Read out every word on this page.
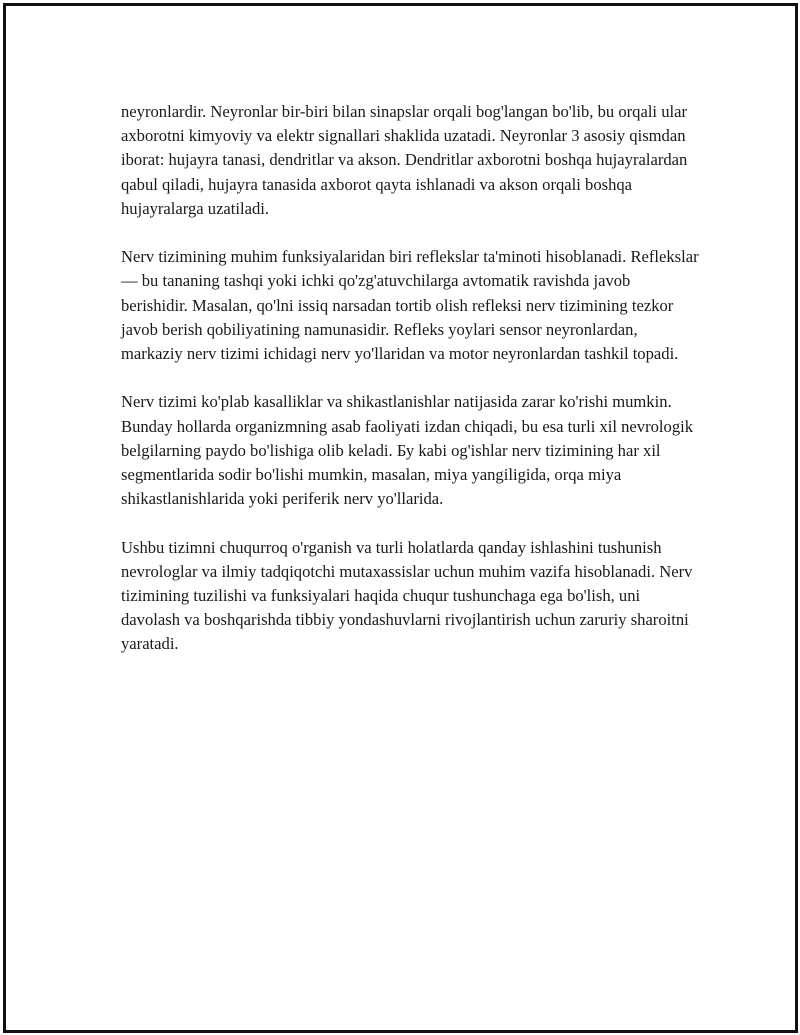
neyronlardir. Neyronlar bir-biri bilan sinapslar orqali bog'langan bo'lib, bu orqali ular axborotni kimyoviy va elektr signallari shaklida uzatadi. Neyronlar 3 asosiy qismdan iborat: hujayra tanasi, dendritlar va akson. Dendritlar axborotni boshqa hujayralardan qabul qiladi, hujayra tanasida axborot qayta ishlanadi va akson orqali boshqa hujayralarga uzatiladi.

Nerv tizimining muhim funksiyalaridan biri reflekslar ta'minoti hisoblanadi. Reflekslar — bu tananing tashqi yoki ichki qo'zg'atuvchilarga avtomatik ravishda javob berishidir. Masalan, qo'lni issiq narsadan tortib olish refleksi nerv tizimining tezkor javob berish qobiliyatining namunasidir. Refleks yoylari sensor neyronlardan, markaziy nerv tizimi ichidagi nerv yo'llaridan va motor neyronlardan tashkil topadi.

Nerv tizimi ko'plab kasalliklar va shikastlanishlar natijasida zarar ko'rishi mumkin. Bunday hollarda organizmning asab faoliyati izdan chiqadi, bu esa turli xil nevrologik belgilarning paydo bo'lishiga olib keladi. Бу kabi og'ishlar nerv tizimining har xil segmentlarida sodir bo'lishi mumkin, masalan, miya yangiligida, orqa miya shikastlanishlarida yoki periferik nerv yo'llarida.

Ushbu tizimni chuqurroq o'rganish va turli holatlarda qanday ishlashini tushunish nevrologlar va ilmiy tadqiqotchi mutaxassislar uchun muhim vazifa hisoblanadi. Nerv tizimining tuzilishi va funksiyalari haqida chuqur tushunchaga ega bo'lish, uni davolash va boshqarishda tibbiy yondashuvlarni rivojlantirish uchun zaruriy sharoitni yaratadi.
